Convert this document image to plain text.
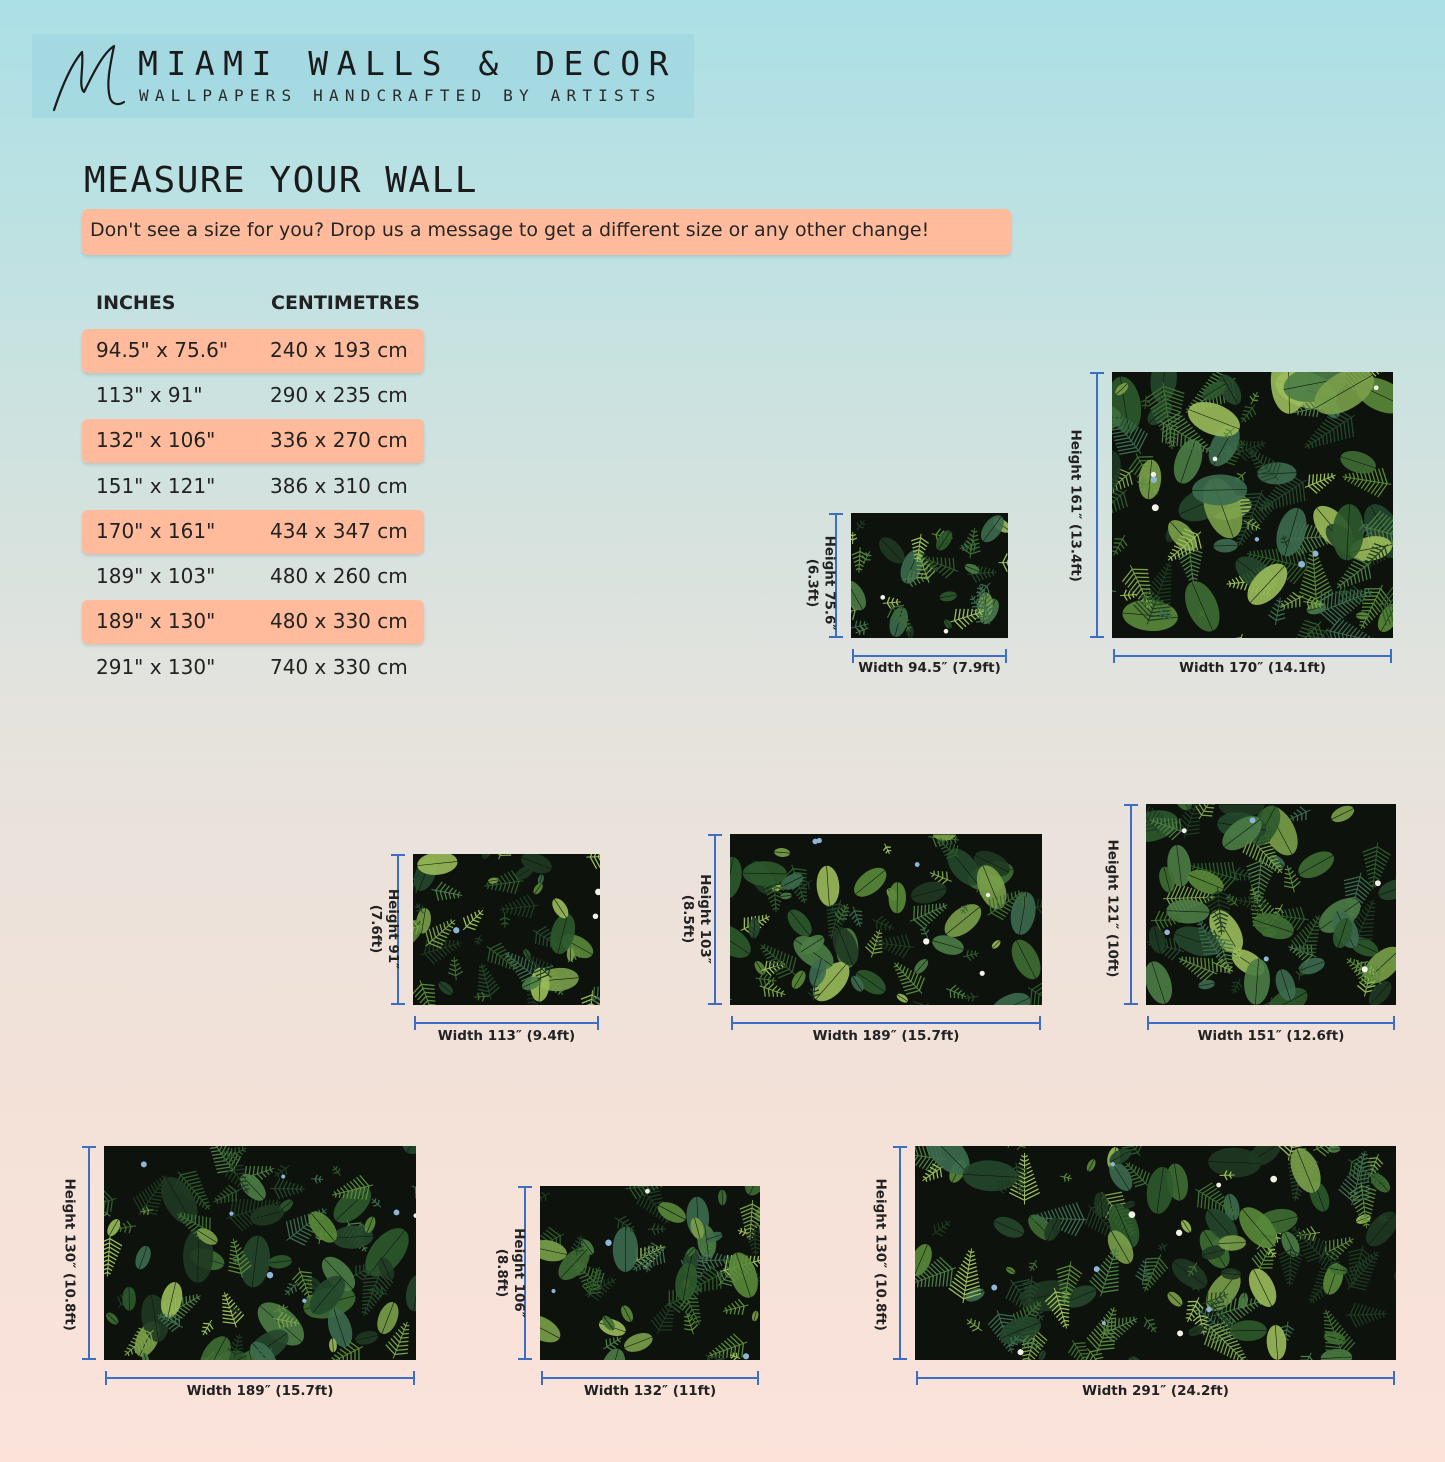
MIAMI WALLS & DECOR
WALLPAPERS HANDCRAFTED BY ARTISTS
MEASURE YOUR WALL
Don't see a size for you? Drop us a message to get a different size or any other change!
INCHES	CENTIMETRES
94.5" x 75.6" 240 x 193 cm
113" x 91"	290 x 235 cm
132" x 106"	336 x 270 cm
151" x 121"	386 x 310 cm
170" x 161"	434 x 347 cm
189" x 103"	480 x 260 cm
189" x 130"	480 x 330 cm
291" x 130"	740 x 330 cm	Width 94.5″ (7.9ft)
Height 75.6″
(6.3ft)
Width 170″ (14.1ft)
Height 161″ (13.4ft)
Width 113″ (9.4ft)
Height 91″
(7.6ft)
Width 189″ (15.7ft)
Height 103″
(8.5ft)
Width 151″ (12.6ft)
Height 121″ (10ft)
Width 189″ (15.7ft)
Height 130″ (10.8ft)
Width 132″ (11ft)
Height 106″
(8.8ft)
Width 291″ (24.2ft)
Height 130″ (10.8ft)
